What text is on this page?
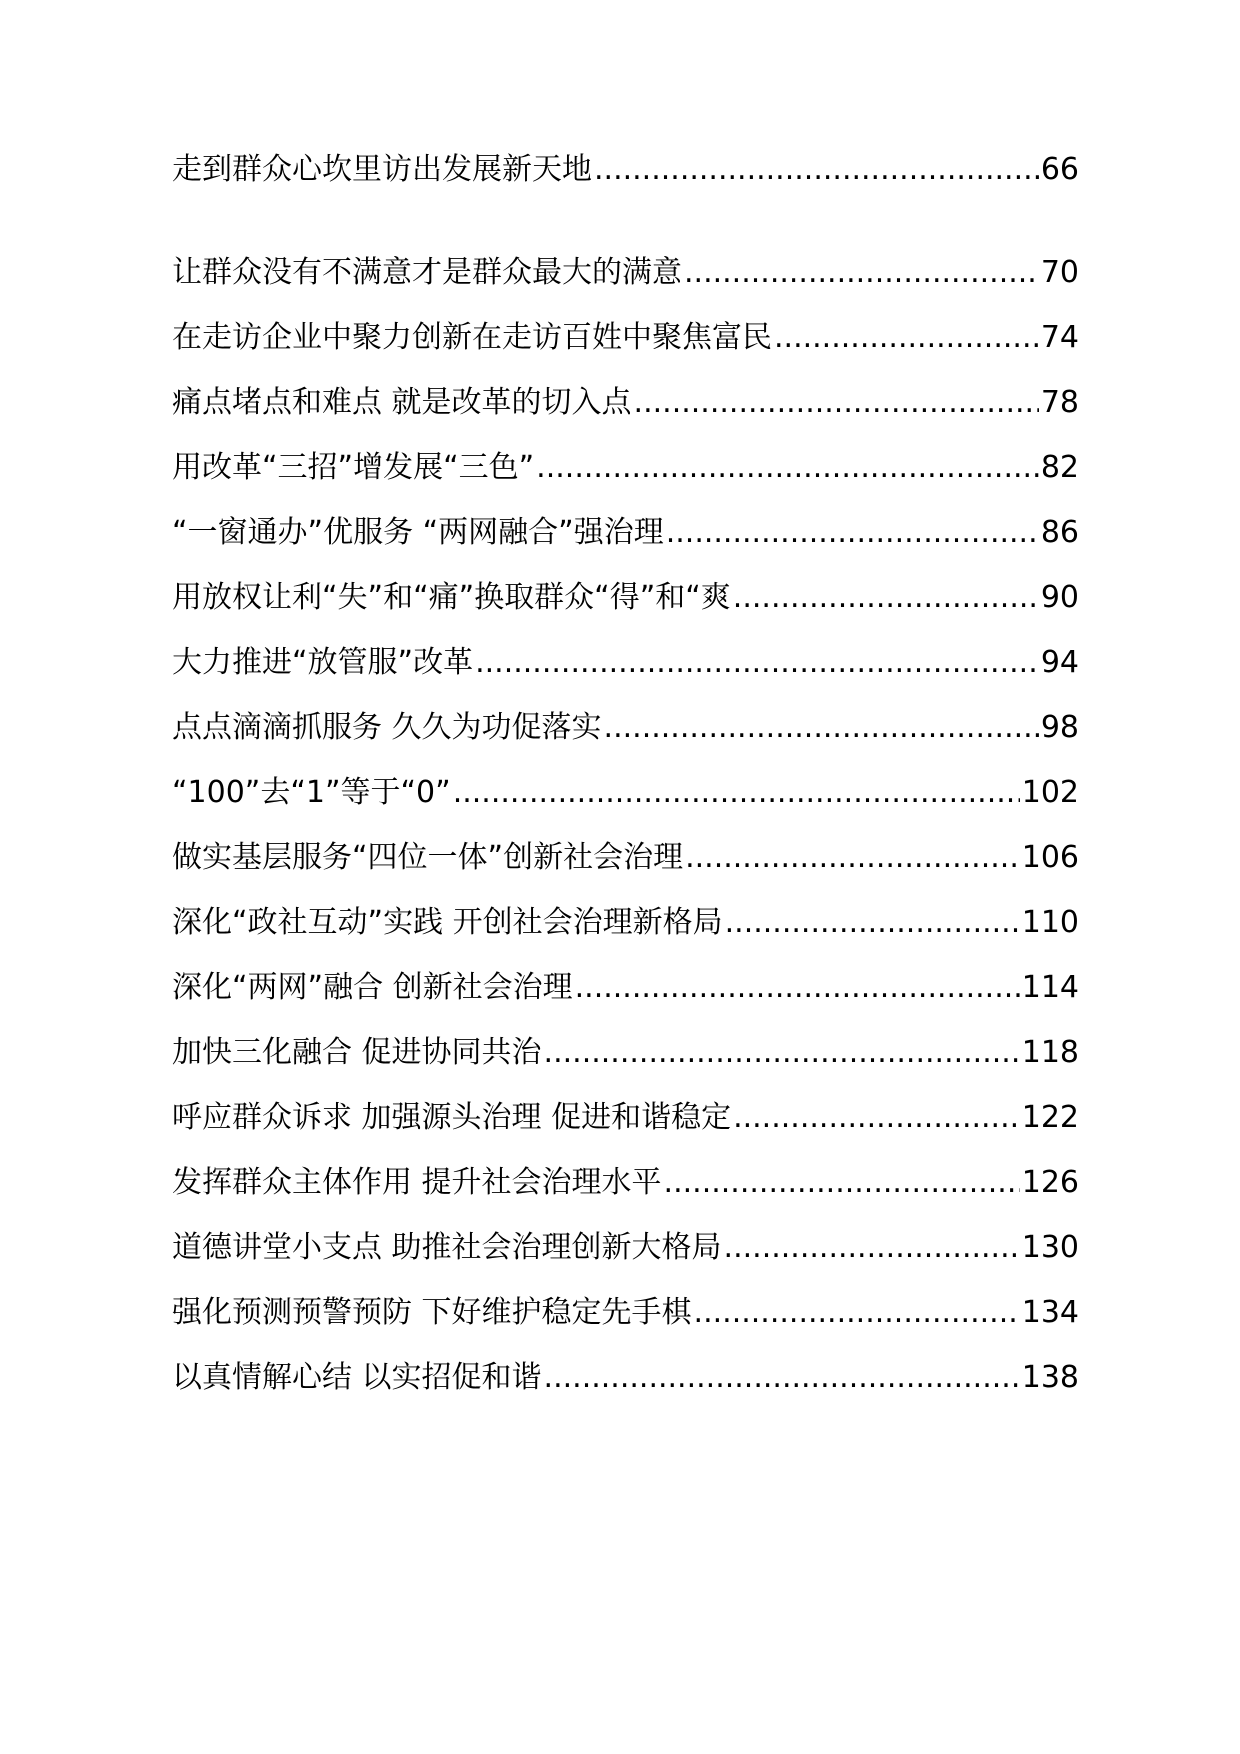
走到群众心坎里访出发展新天地 .....	66
让群众没有不满意才是群众最大的满意 .....	70
在走访企业中聚力创新在走访百姓中聚焦富民 .....	74
痛点堵点和难点 就是改革的切入点 .....	78
用改革“三招”增发展“三色” .....	82
“一窗通办”优服务 “两网融合”强治理 .....	86
用放权让利“失”和“痛”换取群众“得”和“爽 .....	90
大力推进“放管服”改革 .....	94
点点滴滴抓服务 久久为功促落实 .....	98
“100”去“1”等于“0” .....	102
做实基层服务“四位一体”创新社会治理 .....	106
深化“政社互动”实践 开创社会治理新格局 .....	110
深化“两网”融合 创新社会治理 .....	114
加快三化融合 促进协同共治 .....	118
呼应群众诉求 加强源头治理 促进和谐稳定 .....	122
发挥群众主体作用 提升社会治理水平 .....	126
道德讲堂小支点 助推社会治理创新大格局 .....	130
强化预测预警预防 下好维护稳定先手棋 .....	134
以真情解心结 以实招促和谐 .....	138
